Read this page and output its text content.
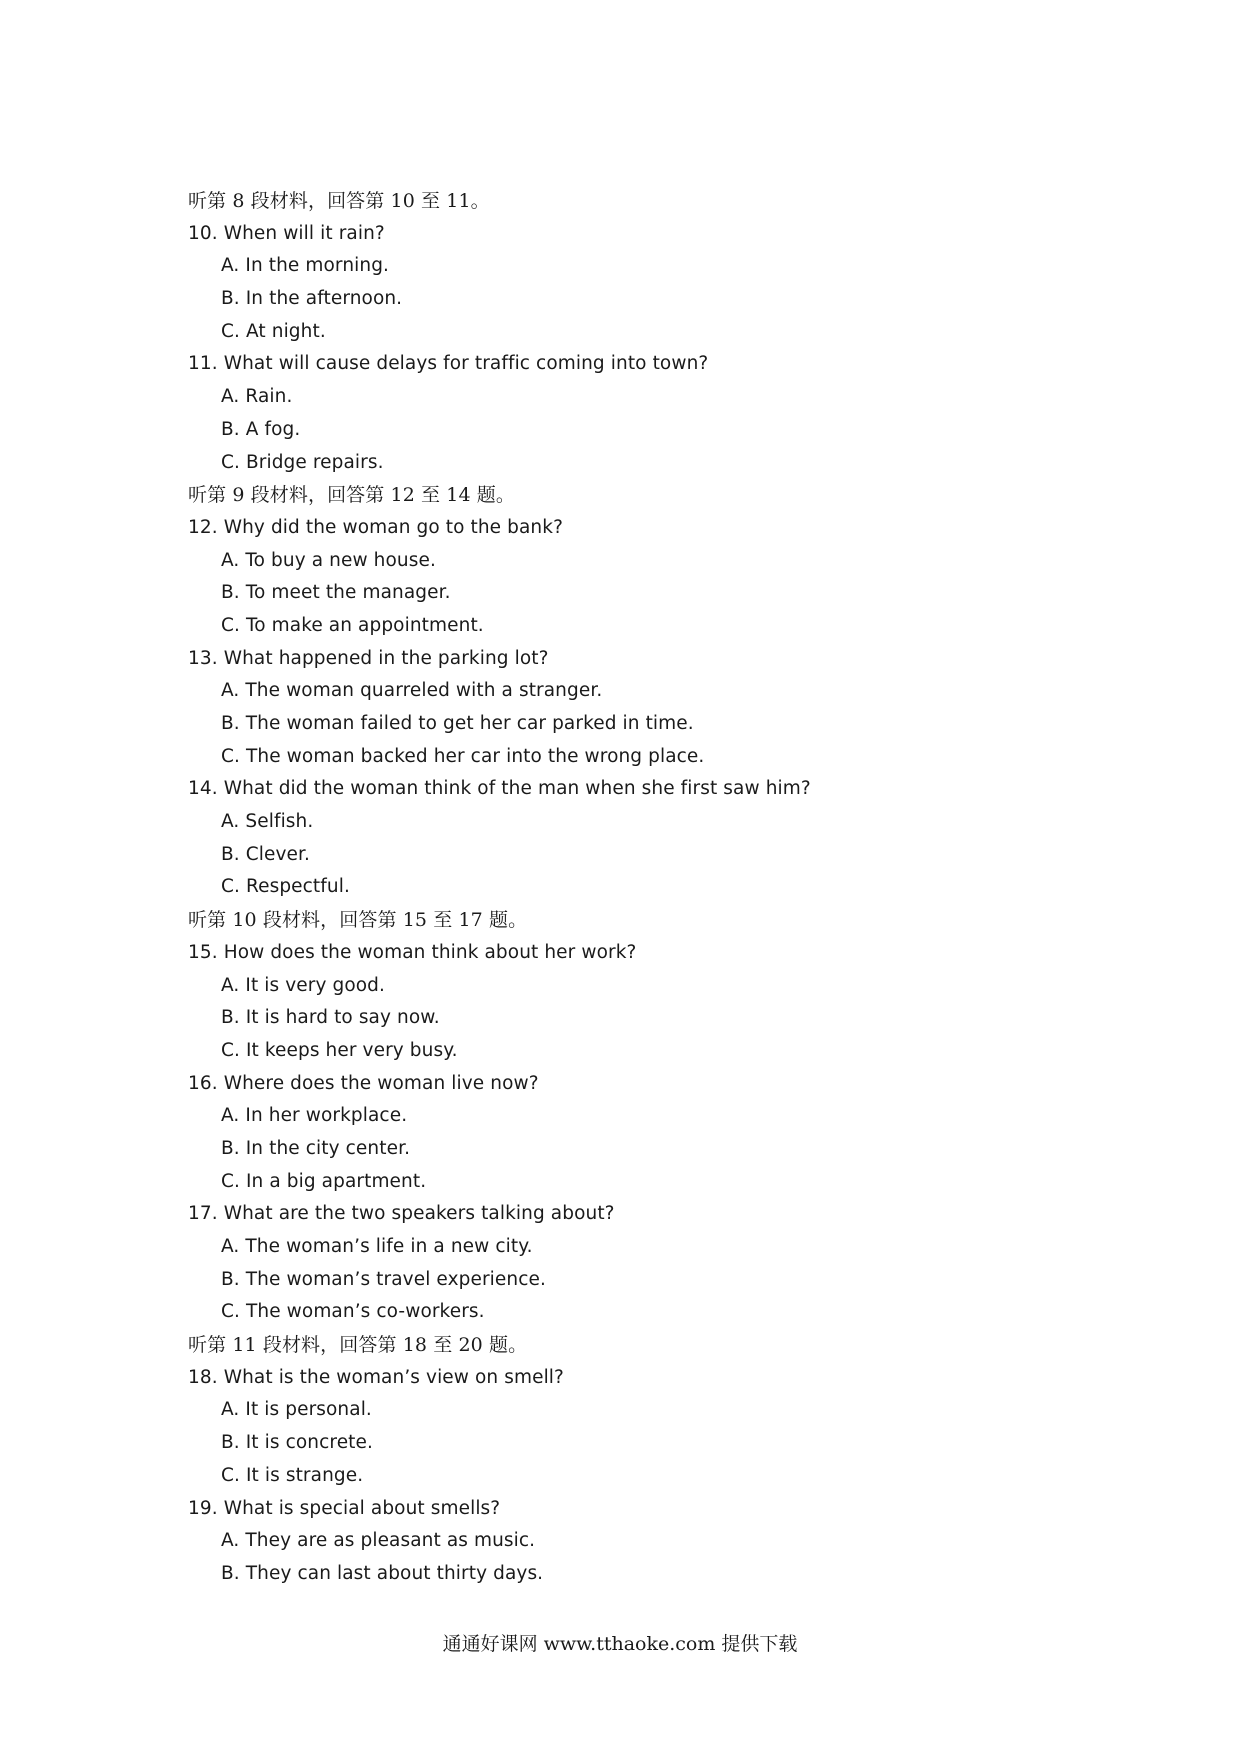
听第 8 段材料，回答第 10 至 11。
10. When will it rain?
A. In the morning.
B. In the afternoon.
C. At night.
11. What will cause delays for traffic coming into town?
A. Rain.
B. A fog.
C. Bridge repairs.
听第 9 段材料，回答第 12 至 14 题。
12. Why did the woman go to the bank?
A. To buy a new house.
B. To meet the manager.
C. To make an appointment.
13. What happened in the parking lot?
A. The woman quarreled with a stranger.
B. The woman failed to get her car parked in time.
C. The woman backed her car into the wrong place.
14. What did the woman think of the man when she first saw him?
A. Selfish.
B. Clever.
C. Respectful.
听第 10 段材料，回答第 15 至 17 题。
15. How does the woman think about her work?
A. It is very good.
B. It is hard to say now.
C. It keeps her very busy.
16. Where does the woman live now?
A. In her workplace.
B. In the city center.
C. In a big apartment.
17. What are the two speakers talking about?
A. The woman’s life in a new city.
B. The woman’s travel experience.
C. The woman’s co-workers.
听第 11 段材料，回答第 18 至 20 题。
18. What is the woman’s view on smell?
A. It is personal.
B. It is concrete.
C. It is strange.
19. What is special about smells?
A. They are as pleasant as music.
B. They can last about thirty days.
通通好课网 www.tthaoke.com 提供下载
